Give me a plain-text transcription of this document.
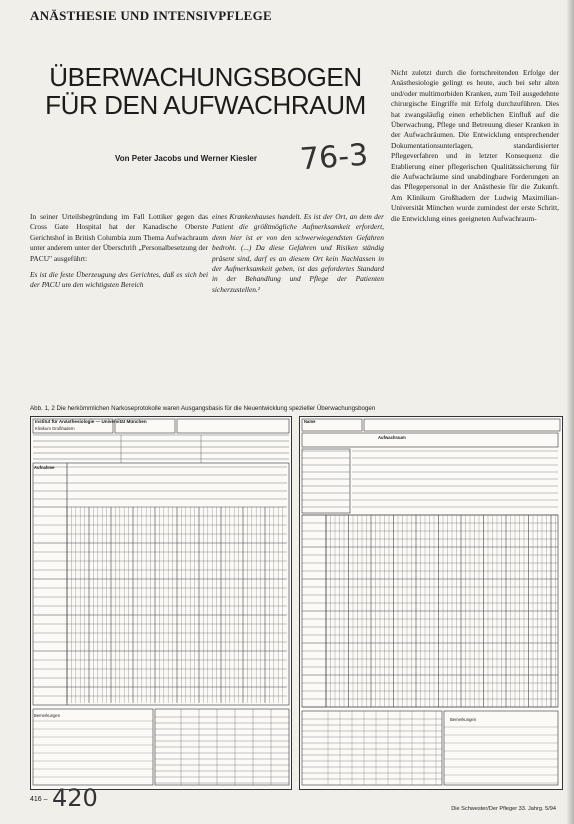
ANÄSTHESIE UND INTENSIVPFLEGE
ÜBERWACHUNGSBOGEN
FÜR DEN AUFWACHRAUM
Von Peter Jacobs und Werner Kiesler 76-3

In seiner Urteilsbegründung im Fall Lottiker gegen das Cross Gate Hospital hat der Kanadische Oberste Gerichtshof in British Columbia zum Thema Aufwachraum unter anderem unter der Überschrift „Personalbesetzung der PACU" ausgeführt:

Es ist die feste Überzeugung des Gerichtes, daß es sich bei der PACU um den wichtigsten Bereich

eines Krankenhauses handelt. Es ist der Ort, an dem der Patient die größtmögliche Aufmerksamkeit erfordert, denn hier ist er von den schwerwiegendsten Gefahren bedroht. (...) Da diese Gefahren und Risiken ständig präsent sind, darf es an diesem Ort kein Nachlassen in der Aufmerksamkeit geben, ist das gefordertes Standard in der Behandlung und Pflege der Patienten sicherzustellen.²

Nicht zuletzt durch die fortschreitenden Erfolge der Anästhesiologie gelingt es heute, auch bei sehr alten und/oder multimorbiden Kranken, zum Teil ausgedehnte chirurgische Eingriffe mit Erfolg durchzuführen. Dies hat zwangsläufig einen erheblichen Einfluß auf die Überwachung, Pflege und Betreuung dieser Kranken in der Aufwachräumen. Die Entwicklung entsprechender Dokumentationsunterlagen, standardisierter Pflegeverfahren und in letzter Konsequenz die Etablierung einer pflegerischen Qualitätssicherung für die Aufwachräume sind unabdingbare Forderungen an das Pflegepersonal in der Anästhesie für die Zukunft. Am Klinikum Großhadern der Ludwig Maximilian-Universität München wurde zumindest der erste Schritt, die Entwicklung eines geeigneten Aufwachraum-

Abb. 1, 2 Die herkömmlichen Narkoseprotokolle waren Ausgangsbasis für die Neuentwicklung spezieller Überwachungsbogen
Institut für Anästhesiologie — Universität München
Klinikum Großhadern
Aufnahme
Bemerkungen
Name
Aufwachraum
Bemerkungen
416 – 420	Die Schwester/Der Pfleger 33. Jahrg. 5/94
